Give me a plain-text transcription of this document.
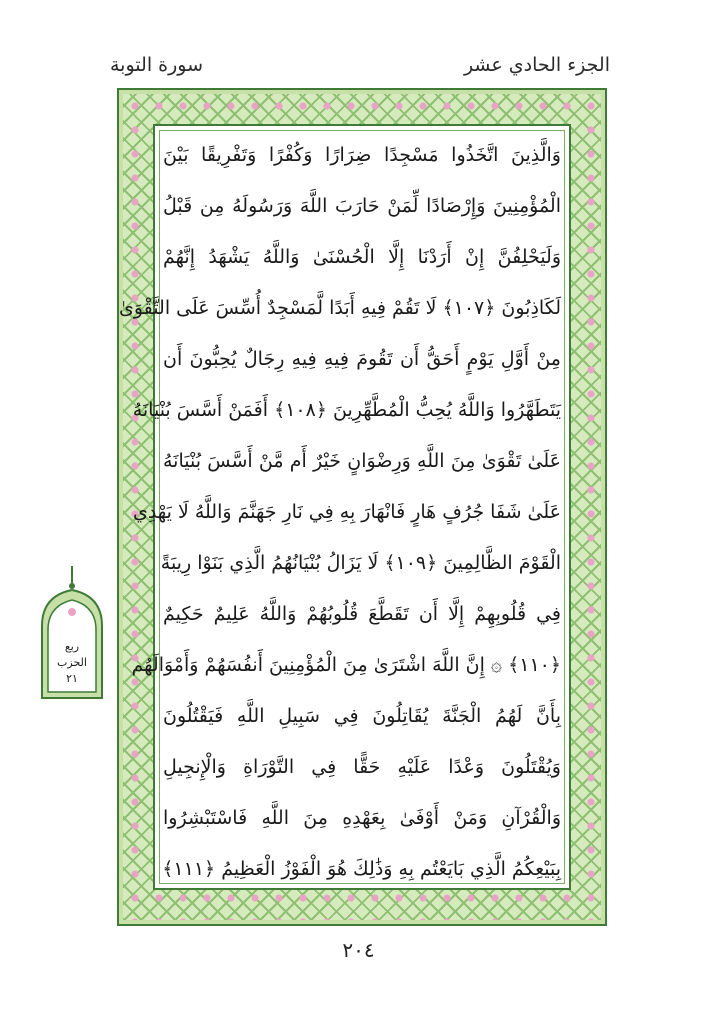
الجزء الحادي عشر
سورة التوبة
وَالَّذِينَ اتَّخَذُوا مَسْجِدًا ضِرَارًا وَكُفْرًا وَتَفْرِيقًا بَيْنَ
الْمُؤْمِنِينَ وَإِرْصَادًا لِّمَنْ حَارَبَ اللَّهَ وَرَسُولَهُ مِن قَبْلُ
وَلَيَحْلِفُنَّ إِنْ أَرَدْنَا إِلَّا الْحُسْنَىٰ وَاللَّهُ يَشْهَدُ إِنَّهُمْ
لَكَاذِبُونَ ﴿١٠٧﴾ لَا تَقُمْ فِيهِ أَبَدًا لَّمَسْجِدٌ أُسِّسَ عَلَى التَّقْوَىٰ
مِنْ أَوَّلِ يَوْمٍ أَحَقُّ أَن تَقُومَ فِيهِ فِيهِ رِجَالٌ يُحِبُّونَ أَن
يَتَطَهَّرُوا وَاللَّهُ يُحِبُّ الْمُطَّهِّرِينَ ﴿١٠٨﴾ أَفَمَنْ أَسَّسَ بُنْيَانَهُ
عَلَىٰ تَقْوَىٰ مِنَ اللَّهِ وَرِضْوَانٍ خَيْرٌ أَم مَّنْ أَسَّسَ بُنْيَانَهُ
عَلَىٰ شَفَا جُرُفٍ هَارٍ فَانْهَارَ بِهِ فِي نَارِ جَهَنَّمَ وَاللَّهُ لَا يَهْدِي
الْقَوْمَ الظَّالِمِينَ ﴿١٠٩﴾ لَا يَزَالُ بُنْيَانُهُمُ الَّذِي بَنَوْا رِيبَةً
فِي قُلُوبِهِمْ إِلَّا أَن تَقَطَّعَ قُلُوبُهُمْ وَاللَّهُ عَلِيمٌ حَكِيمٌ
﴿١١٠﴾ ۞ إِنَّ اللَّهَ اشْتَرَىٰ مِنَ الْمُؤْمِنِينَ أَنفُسَهُمْ وَأَمْوَالَهُم
بِأَنَّ لَهُمُ الْجَنَّةَ يُقَاتِلُونَ فِي سَبِيلِ اللَّهِ فَيَقْتُلُونَ
وَيُقْتَلُونَ وَعْدًا عَلَيْهِ حَقًّا فِي التَّوْرَاةِ وَالْإِنجِيلِ
وَالْقُرْآنِ وَمَنْ أَوْفَىٰ بِعَهْدِهِ مِنَ اللَّهِ فَاسْتَبْشِرُوا
بِبَيْعِكُمُ الَّذِي بَايَعْتُم بِهِ وَذَٰلِكَ هُوَ الْفَوْزُ الْعَظِيمُ ﴿١١١﴾
ربع
الحزب
٢١
٢٠٤
